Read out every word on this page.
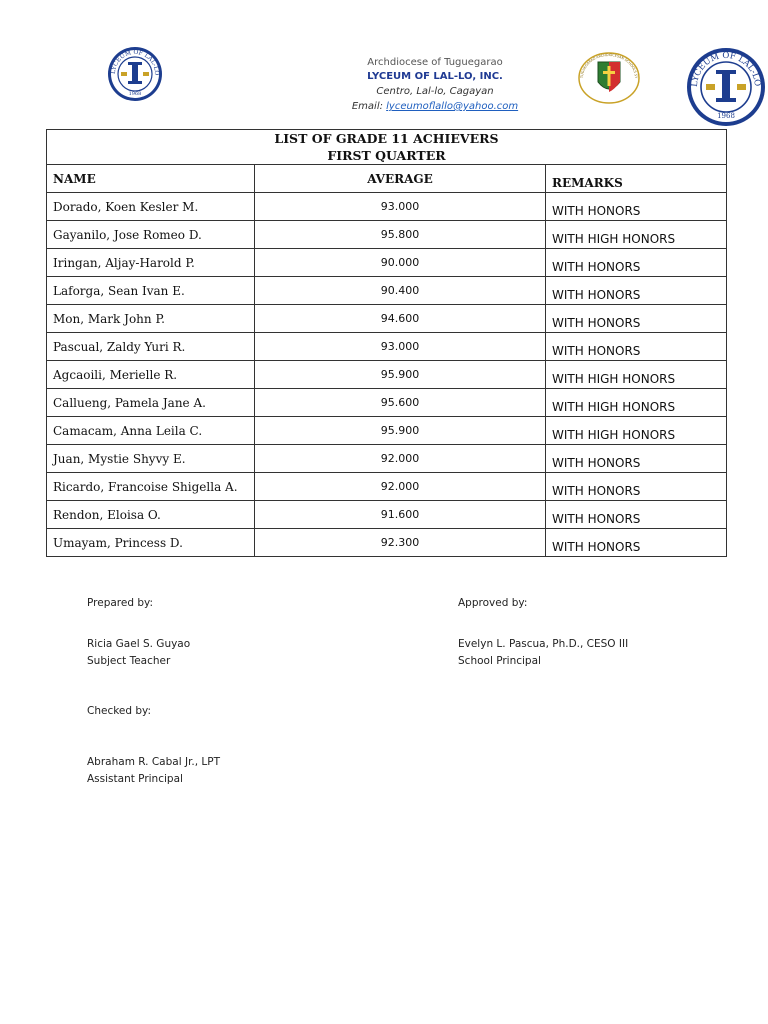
LYCEUM OF LAL-LO
1968
Archdiocese of Tuguegarao
LYCEUM OF LAL-LO, INC.
Centro, Lal-lo, Cagayan
Email: lyceumoflallo@yahoo.com
TUGUEGARAO ARCHDIOCESAN SCHOOLS SY
LYCEUM OF LAL-LO
1968
LIST OF GRADE 11 ACHIEVERS
FIRST QUARTER		

NAME	AVERAGE	REMARKS
Dorado, Koen Kesler M.	93.000	WITH HONORS
Gayanilo, Jose Romeo D.	95.800	WITH HIGH HONORS
Iringan, Aljay-Harold P.	90.000	WITH HONORS
Laforga, Sean Ivan E.	90.400	WITH HONORS
Mon, Mark John P.	94.600	WITH HONORS
Pascual, Zaldy Yuri R.	93.000	WITH HONORS
Agcaoili, Merielle R.	95.900	WITH HIGH HONORS
Callueng, Pamela Jane A.	95.600	WITH HIGH HONORS
Camacam, Anna Leila C.	95.900	WITH HIGH HONORS
Juan, Mystie Shyvy E.	92.000	WITH HONORS
Ricardo, Francoise Shigella A.	92.000	WITH HONORS
Rendon, Eloisa O.	91.600	WITH HONORS
Umayam, Princess D.	92.300	WITH HONORS
Prepared by:
Ricia Gael S. Guyao
Subject Teacher
Approved by:
Evelyn L. Pascua, Ph.D., CESO III
School Principal
Checked by:
Abraham R. Cabal Jr., LPT
Assistant Principal
